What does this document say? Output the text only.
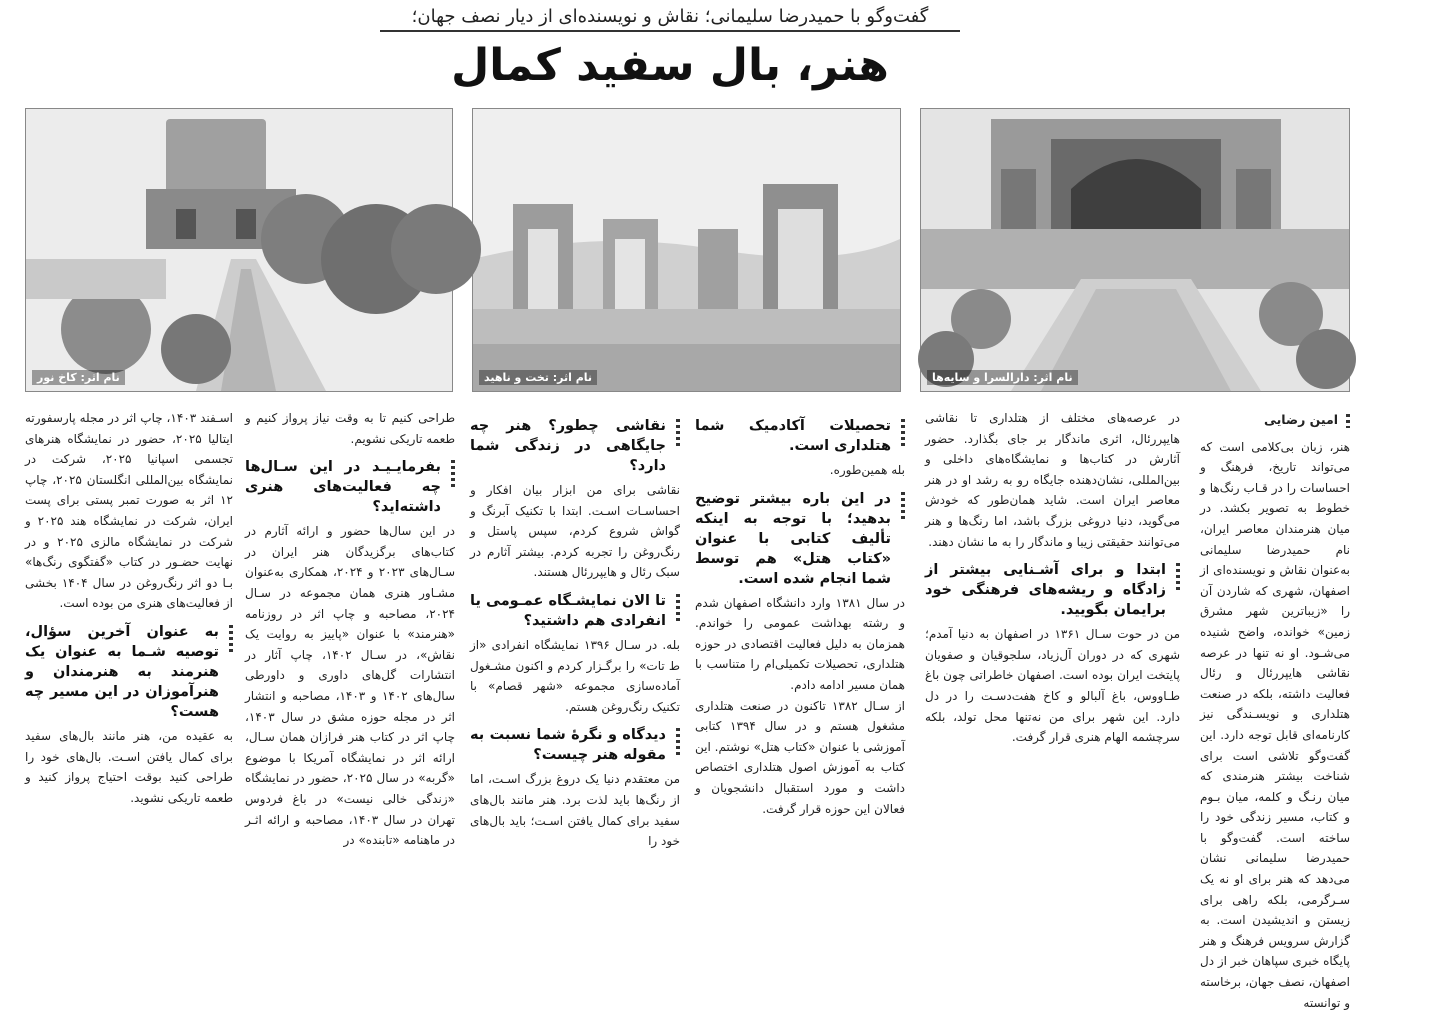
گفت‌وگو با حمیدرضا سلیمانی؛ نقاش و نویسنده‌ای از دیار نصف جهان؛
هنر، بال سفید کمال
نام اثر: دارالسرا و سایه‌ها
نام اثر: تخت و ناهید
نام اثر: کاخ نور
امین رضایی

هنر، زبان بی‌کلامی است که می‌تواند تاریخ، فرهنگ و احساسات را در قـاب رنگ‌ها و خطوط به تصویر بکشد. در میان هنرمندان معاصر ایران، نام حمیدرضا سلیمانی به‌عنوان نقاش و نویسنده‌ای از اصفهان، شهری که شاردن آن را «زیباترین شهر مشرق زمین» خوانده، واضح شنیده می‌شـود. او نه تنها در عرصه نقاشی هایپررئال و رئال فعالیت داشته، بلکه در صنعت هتلداری و نویسـندگی نیز کارنامه‌ای قابل توجه دارد. این گفت‌وگو تلاشی است برای شناخت بیشتر هنرمندی که میان رنـگ و کلمه، میان بـوم و کتاب، مسیر زندگی خود را ساخته است. گفت‌وگو با حمیدرضا سلیمانی نشان می‌دهد که هنر برای او نه یک سـرگرمی، بلکه راهی برای زیستن و اندیشیدن است. به گزارش سرویس فرهنگ و هنر پایگاه خبری سپاهان خبر از دل اصفهان، نصف جهان، برخاسته و توانسته

در عرصه‌های مختلف از هتلداری تا نقاشی هایپررئال، اثری ماندگار بر جای بگذارد. حضور آثارش در کتاب‌ها و نمایشگاه‌های داخلی و بین‌المللی، نشان‌دهنده جایگاه رو به رشد او در هنر معاصر ایران است. شاید همان‌طور که خودش می‌گوید، دنیا دروغی بزرگ باشد، اما رنگ‌ها و هنر می‌توانند حقیقتی زیبا و ماندگار را به ما نشان دهند.

ابتدا و برای آشـنایی بیشتر از زادگاه و ریشه‌های فرهنگی خود برایمان بگویید.

من در حوت سـال ۱۳۶۱ در اصفهان به دنیا آمدم؛ شهری که در دوران آل‌زیاد، سلجوقیان و صفویان پایتخت ایران بوده است. اصفهان خاطراتی چون باغ طـاووس، باغ آلبالو و کاخ هفت‌دسـت را در دل دارد. این شهر برای من نه‌تنها محل تولد، بلکه سرچشمه الهام هنری قرار گرفت.

تحصیلات آکادمیک شما هتلداری است.

بله همین‌طوره.

در این باره بیشتر توضیح بدهید؛ با توجه به اینکه تألیف کتابی با عنوان «کتاب هتل» هم توسط شما انجام شده است.

در سال ۱۳۸۱ وارد دانشگاه اصفهان شدم و رشته بهداشت عمومی را خواندم. همزمان به دلیل فعالیت اقتصادی در حوزه هتلداری، تحصیلات تکمیلی‌ام را متناسب با همان مسیر ادامه دادم.

از سـال ۱۳۸۲ تاکنون در صنعت هتلداری مشغول هستم و در سال ۱۳۹۴ کتابی آموزشی با عنوان «کتاب هتل» نوشتم. این کتاب به آموزش اصول هتلداری اختصاص داشت و مورد استقبال دانشجویان و فعالان این حوزه قرار گرفت.

نقاشی چطور؟ هنر چه جایگاهی در زندگی شما دارد؟

نقاشی برای من ابزار بیان افکار و احساسـات اسـت. ابتدا با تکنیک آبرنگ و گواش شروع کردم، سپس پاستل و رنگ‌روغن را تجربه کردم. بیشتر آثارم در سبک رئال و هایپررئال هستند.

تا الان نمایشـگاه عمـومی یا انفرادی هم داشتید؟

بله. در سـال ۱۳۹۶ نمایشگاه انفرادی «از ط تات» را برگـزار کردم و اکنون مشـغول آماده‌سازی مجموعه «شهر قصام» با تکنیک رنگ‌روغن هستم.

دیدگاه و نگرهٔ شما نسبت به مقوله هنر چیست؟

من معتقدم دنیا یک دروغ بزرگ اسـت، اما از رنگ‌ها باید لذت برد. هنر مانند بال‌های سفید برای کمال یافتن اسـت؛ باید بال‌های خود را

طراحی کنیم تا به وقت نیاز پرواز کنیم و طعمه تاریکی نشویم.

بفرمایـیـد در این سـال‌ها چه فعالیت‌های هنری داشته‌اید؟

در این سال‌ها حضور و ارائه آثارم در کتاب‌های برگزیدگان هنر ایران در سـال‌های ۲۰۲۳ و ۲۰۲۴، همکاری به‌عنوان مشـاور هنری همان مجموعه در سـال ۲۰۲۴، مصاحبه و چاپ اثر در روزنامه «هنرمند» با عنوان «پاییز به روایت یک نقاش»، در سـال ۱۴۰۲، چاپ آثار در انتشارات گل‌های داوری و داورطی سال‌های ۱۴۰۲ و ۱۴۰۳، مصاحبه و انتشار اثر در مجله حوزه مشق در سال ۱۴۰۳، چاپ اثر در کتاب هنر فرازان همان سـال، ارائه اثر در نمایشگاه آمریکا با موضوع «گربه» در سال ۲۰۲۵، حضور در نمایشگاه «زندگی خالی نیست» در باغ فردوس تهران در سال ۱۴۰۳، مصاحبه و ارائه اثـر در ماهنامه «تابنده» در

اسـفند ۱۴۰۳، چاپ اثر در مجله پارسفورته ایتالیا ۲۰۲۵، حضور در نمایشگاه هنرهای تجسمی اسپانیا ۲۰۲۵، شرکت در نمایشگاه بین‌المللی انگلستان ۲۰۲۵، چاپ ۱۲ اثر به صورت تمبر پستی برای پست ایران، شرکت در نمایشگاه هند ۲۰۲۵ و شرکت در نمایشگاه مالزی ۲۰۲۵ و در نهایت حضـور در کتاب «گفتگوی رنگ‌ها» بـا دو اثر رنگ‌روغن در سال ۱۴۰۴ بخشی از فعالیت‌های هنری من بوده است.

به عنوان آخرین سؤال، توصیه شـما به عنوان یک هنرمند به هنرمندان و هنرآموزان در این مسیر چه هست؟

به عقیده من، هنر مانند بال‌های سفید برای کمال یافتن اسـت. بال‌های خود را طراحی کنید بوقت احتیاج پرواز کنید و طعمه تاریکی نشوید.
